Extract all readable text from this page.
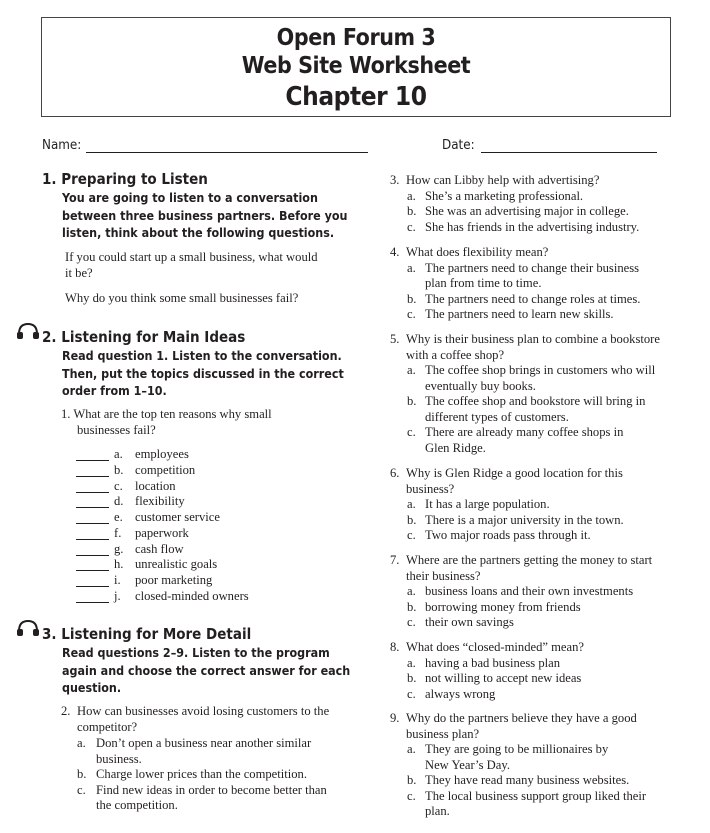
Open Forum 3
Web Site Worksheet
Chapter 10
Name:	Date:
1. Preparing to Listen
You are going to listen to a conversation
between three business partners. Before you
listen, think about the following questions.
If you could start up a small business, what would
it be?
Why do you think some small businesses fail?
2. Listening for Main Ideas
Read question 1. Listen to the conversation.
Then, put the topics discussed in the correct
order from 1–10.
1. What are the top ten reasons why small
businesses fail?
a. employees
b. competition
c. location
d. flexibility
e. customer service
f. paperwork
g. cash flow
h. unrealistic goals
i. poor marketing
j. closed-minded owners
3. Listening for More Detail
Read questions 2–9. Listen to the program
again and choose the correct answer for each
question.
2. How can businesses avoid losing customers to the
competitor?
a. Don’t open a business near another similar
business.
b. Charge lower prices than the competition.
c. Find new ideas in order to become better than
the competition.
3. How can Libby help with advertising?
a. She’s a marketing professional.
b. She was an advertising major in college.
c. She has friends in the advertising industry.
4. What does flexibility mean?
a. The partners need to change their business
plan from time to time.
b. The partners need to change roles at times.
c. The partners need to learn new skills.
5. Why is their business plan to combine a bookstore
with a coffee shop?
a. The coffee shop brings in customers who will
eventually buy books.
b. The coffee shop and bookstore will bring in
different types of customers.
c. There are already many coffee shops in
Glen Ridge.
6. Why is Glen Ridge a good location for this
business?
a. It has a large population.
b. There is a major university in the town.
c. Two major roads pass through it.
7. Where are the partners getting the money to start
their business?
a. business loans and their own investments
b. borrowing money from friends
c. their own savings
8. What does “closed-minded” mean?
a. having a bad business plan
b. not willing to accept new ideas
c. always wrong
9. Why do the partners believe they have a good
business plan?
a. They are going to be millionaires by
New Year’s Day.
b. They have read many business websites.
c. The local business support group liked their
plan.
